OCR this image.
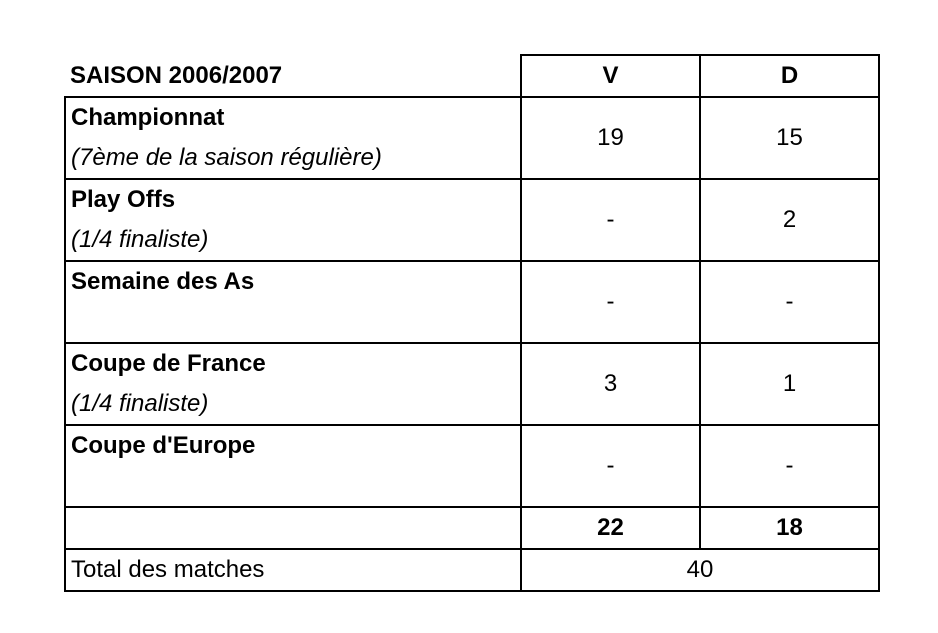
SAISON 2006/2007	V	D

Championnat
(7ème de la saison régulière)	19	15

Play Offs
(1/4 finaliste)	-	2

Semaine des As	-	-

Coupe de France
(1/4 finaliste)	3	1

Coupe d'Europe	-	-
	22	18
Total des matches	40	
